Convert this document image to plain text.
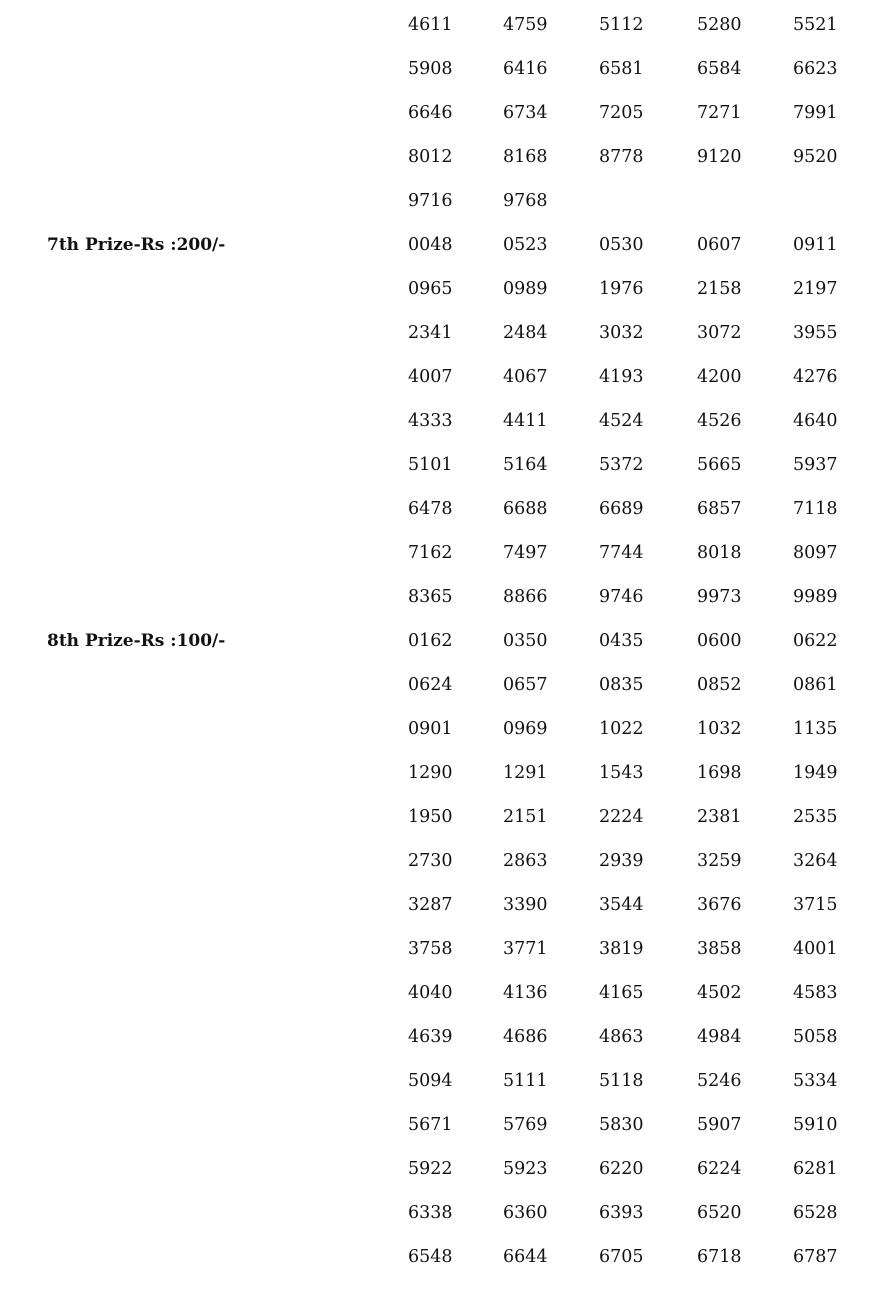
4611	4759	5112	5280	5521
5908	6416	6581	6584	6623
6646	6734	7205	7271	7991
8012	8168	8778	9120	9520
9716	9768
7th Prize-Rs :200/-	0048	0523	0530	0607	0911
0965	0989	1976	2158	2197
2341	2484	3032	3072	3955
4007	4067	4193	4200	4276
4333	4411	4524	4526	4640
5101	5164	5372	5665	5937
6478	6688	6689	6857	7118
7162	7497	7744	8018	8097
8365	8866	9746	9973	9989
8th Prize-Rs :100/-	0162	0350	0435	0600	0622
0624	0657	0835	0852	0861
0901	0969	1022	1032	1135
1290	1291	1543	1698	1949
1950	2151	2224	2381	2535
2730	2863	2939	3259	3264
3287	3390	3544	3676	3715
3758	3771	3819	3858	4001
4040	4136	4165	4502	4583
4639	4686	4863	4984	5058
5094	5111	5118	5246	5334
5671	5769	5830	5907	5910
5922	5923	6220	6224	6281
6338	6360	6393	6520	6528
6548	6644	6705	6718	6787
